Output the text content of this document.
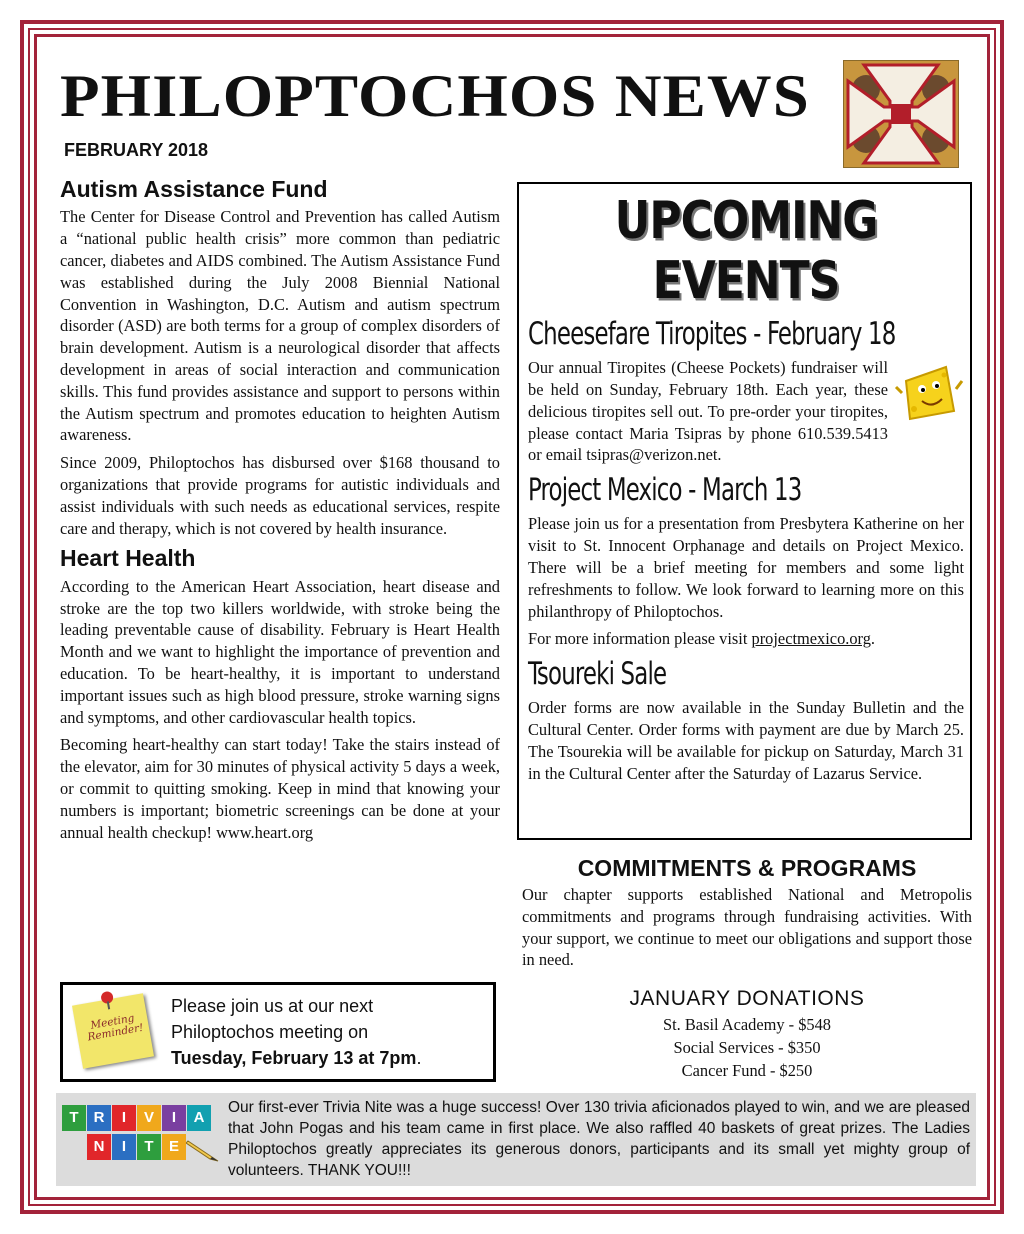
PHILOPTOCHOS NEWS
FEBRUARY 2018
Autism Assistance Fund

The Center for Disease Control and Prevention has called Autism a “national public health crisis” more common than pediatric cancer, diabetes and AIDS combined. The Autism Assistance Fund was established during the July 2008 Biennial National Convention in Washington, D.C. Autism and autism spectrum disorder (ASD) are both terms for a group of complex disorders of brain development. Autism is a neurological disorder that affects development in areas of social interaction and communication skills. This fund provides assistance and support to persons within the Autism spectrum and promotes education to heighten Autism awareness.

Since 2009, Philoptochos has disbursed over $168 thousand to organizations that provide programs for autistic individuals and assist individuals with such needs as educational services, respite care and therapy, which is not covered by health insurance.

Heart Health

According to the American Heart Association, heart disease and stroke are the top two killers worldwide, with stroke being the leading preventable cause of disability. February is Heart Health Month and we want to highlight the importance of prevention and education. To be heart-healthy, it is important to understand important issues such as high blood pressure, stroke warning signs and symptoms, and other cardiovascular health topics.

Becoming heart-healthy can start today! Take the stairs instead of the elevator, aim for 30 minutes of physical activity 5 days a week, or commit to quitting smoking. Keep in mind that knowing your numbers is important; biometric screenings can be done at your annual health checkup! www.heart.org

UPCOMING EVENTS
Cheesefare Tiropites - February 18

Our annual Tiropites (Cheese Pockets) fundraiser will be held on Sunday, February 18th. Each year, these delicious tiropites sell out. To pre-order your tiropites, please contact Maria Tsipras by phone 610.539.5413 or email tsipras@verizon.net.

Project Mexico - March 13

Please join us for a presentation from Presbytera Katherine on her visit to St. Innocent Orphanage and details on Project Mexico. There will be a brief meeting for members and some light refreshments to follow. We look forward to learning more on this philanthropy of Philoptochos.

For more information please visit projectmexico.org.

Tsoureki Sale

Order forms are now available in the Sunday Bulletin and the Cultural Center. Order forms with payment are due by March 25. The Tsourekia will be available for pickup on Saturday, March 31 in the Cultural Center after the Saturday of Lazarus Service.

COMMITMENTS & PROGRAMS

Our chapter supports established National and Metropolis commitments and programs through fundraising activities. With your support, we continue to meet our obligations and support those in need.

JANUARY DONATIONS
St. Basil Academy - $548
Social Services - $350
Cancer Fund - $250
Meeting Reminder!
Please join us at our next
Philoptochos meeting on
Tuesday, February 13 at 7pm.
T	R	I	V	I	A
N	I	T	E
Our first-ever Trivia Nite was a huge success! Over 130 trivia aficionados played to win, and we are pleased that John Pogas and his team came in first place. We also raffled 40 baskets of great prizes. The Ladies Philoptochos greatly appreciates its generous donors, participants and its small yet mighty group of volunteers. THANK YOU!!!
